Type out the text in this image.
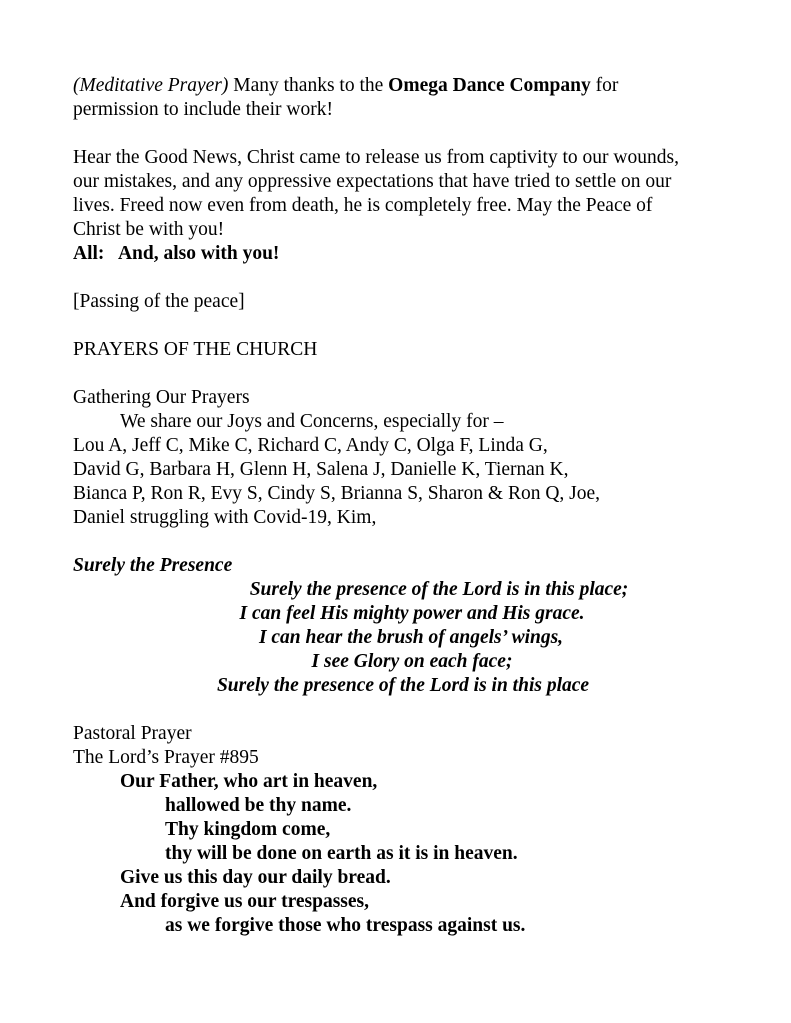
(Meditative Prayer) Many thanks to the Omega Dance Company for
permission to include their work!
Hear the Good News, Christ came to release us from captivity to our wounds,
our mistakes, and any oppressive expectations that have tried to settle on our
lives. Freed now even from death, he is completely free. May the Peace of
Christ be with you!
All:   And, also with you!
[Passing of the peace]
PRAYERS OF THE CHURCH
Gathering Our Prayers
We share our Joys and Concerns, especially for –
Lou A, Jeff C, Mike C, Richard C, Andy C, Olga F, Linda G,
David G, Barbara H, Glenn H, Salena J, Danielle K, Tiernan K,
Bianca P, Ron R, Evy S, Cindy S, Brianna S, Sharon & Ron Q, Joe,
Daniel struggling with Covid-19, Kim,
Surely the Presence
Surely the presence of the Lord is in this place;
I can feel His mighty power and His grace.
I can hear the brush of angels’ wings,
I see Glory on each face;
Surely the presence of the Lord is in this place
Pastoral Prayer
The Lord’s Prayer #895
Our Father, who art in heaven,
hallowed be thy name.
Thy kingdom come,
thy will be done on earth as it is in heaven.
Give us this day our daily bread.
And forgive us our trespasses,
as we forgive those who trespass against us.
